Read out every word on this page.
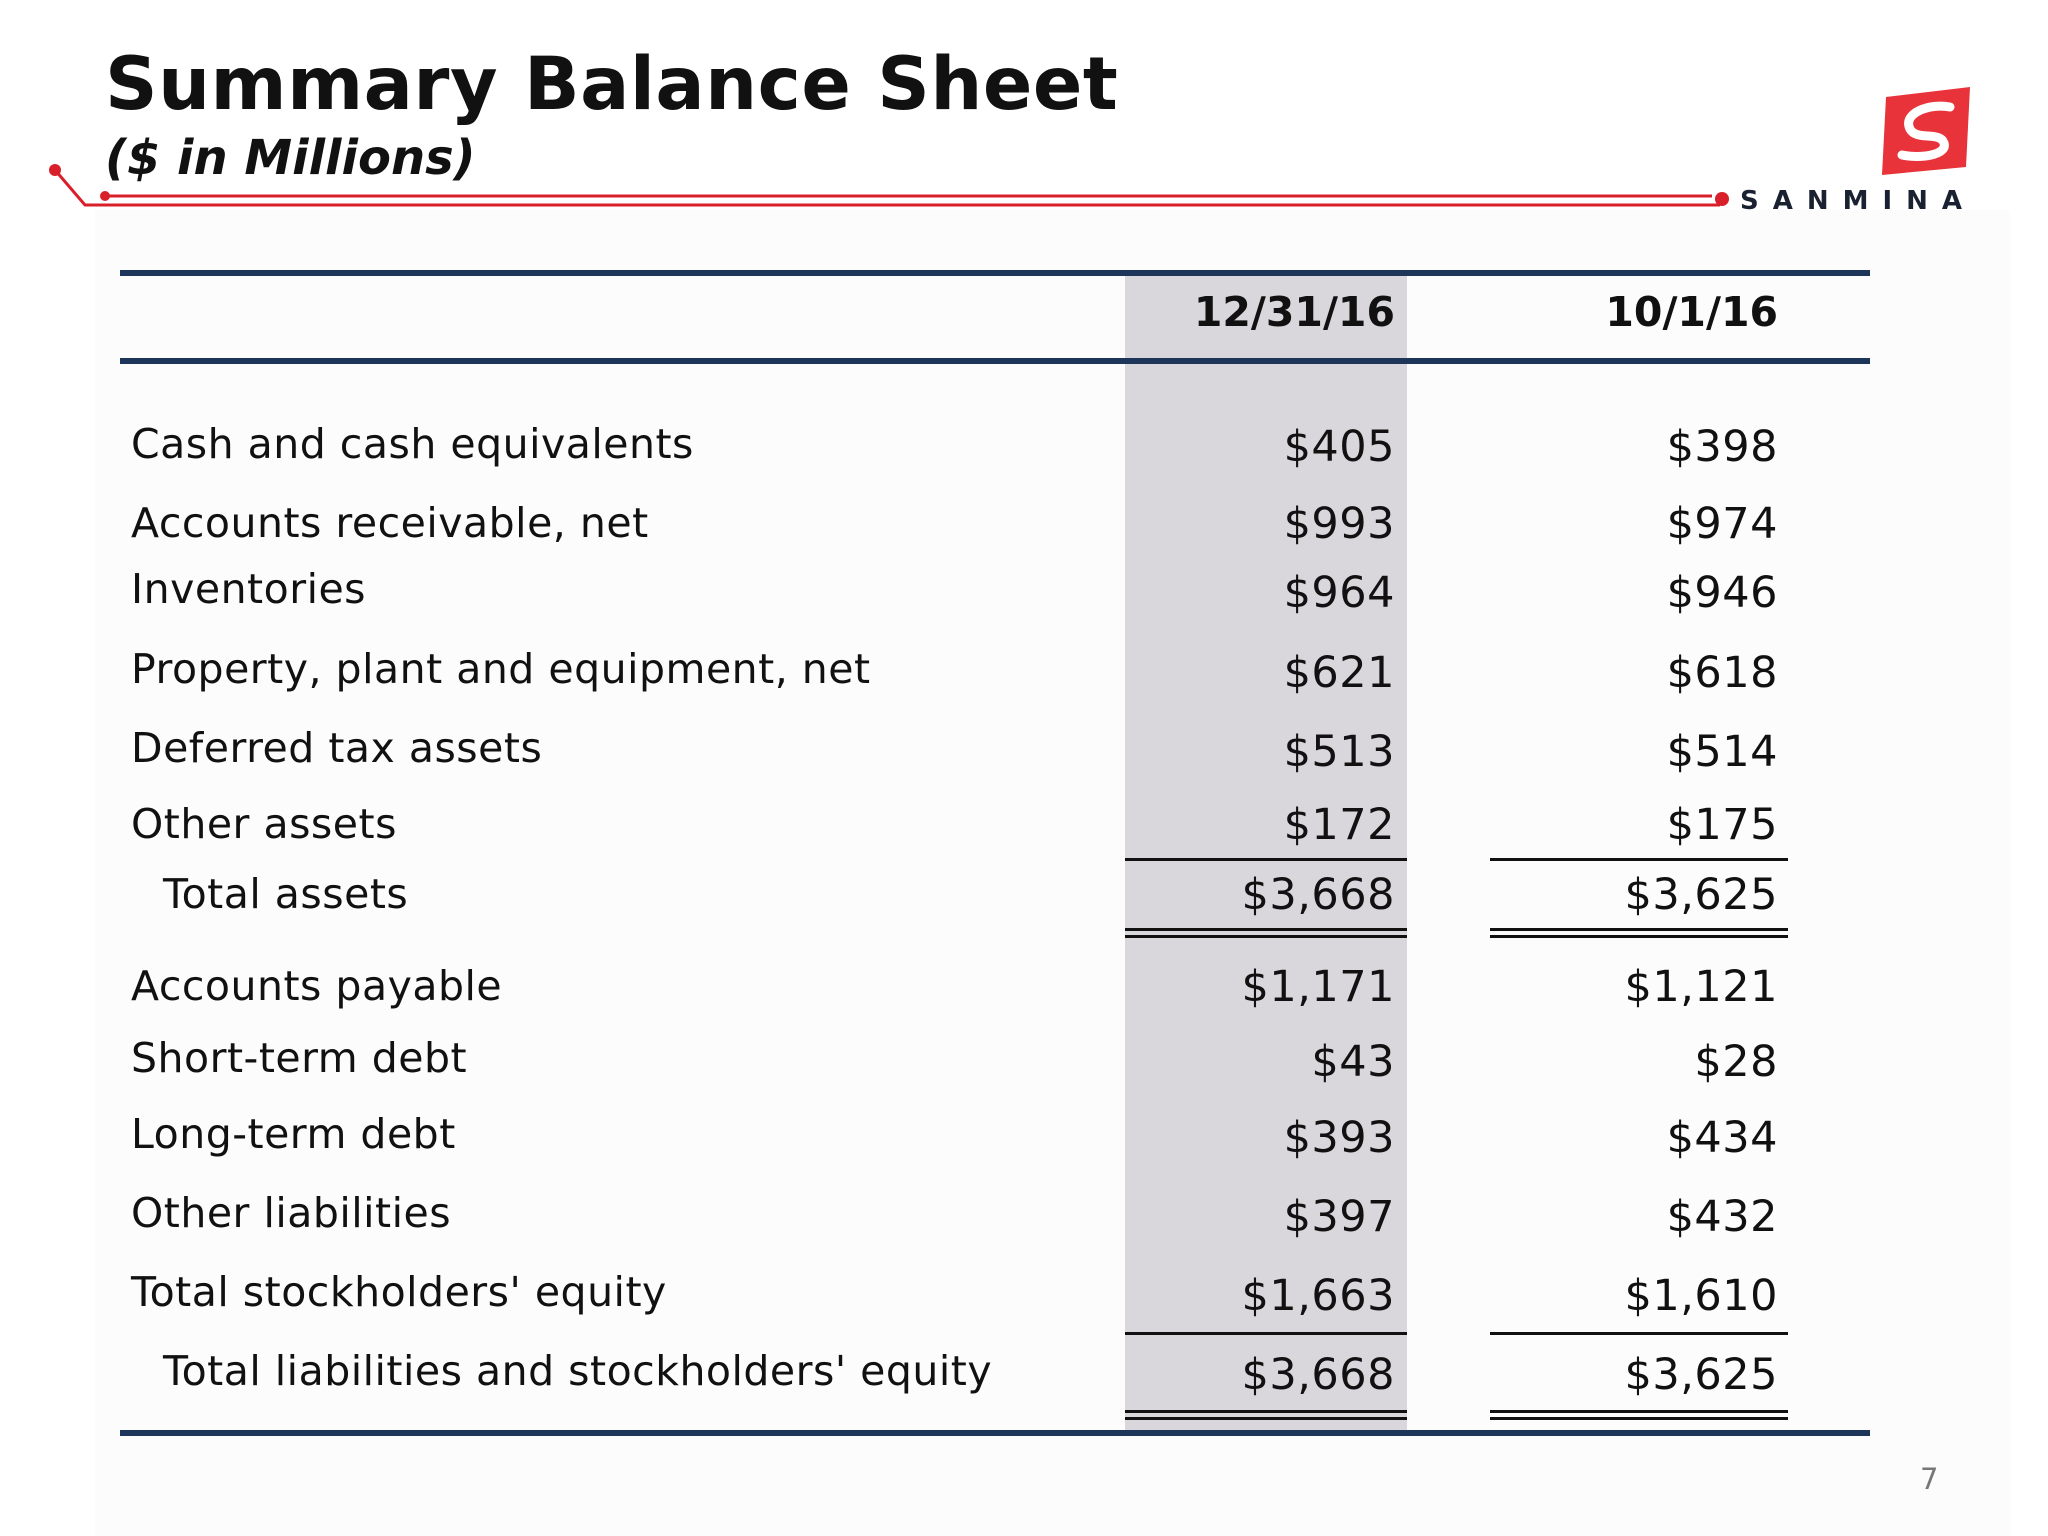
Summary Balance Sheet
($ in Millions)
SANMINA
12/31/16	10/1/16
Cash and cash equivalents	$405	$398
Accounts receivable, net	$993	$974
Inventories	$964	$946
Property, plant and equipment, net	$621	$618
Deferred tax assets	$513	$514
Other assets	$172	$175
Total assets	$3,668	$3,625
Accounts payable	$1,171	$1,121
Short-term debt	$43	$28
Long-term debt	$393	$434
Other liabilities	$397	$432
Total stockholders' equity	$1,663	$1,610
Total liabilities and stockholders' equity	$3,668	$3,625
7
